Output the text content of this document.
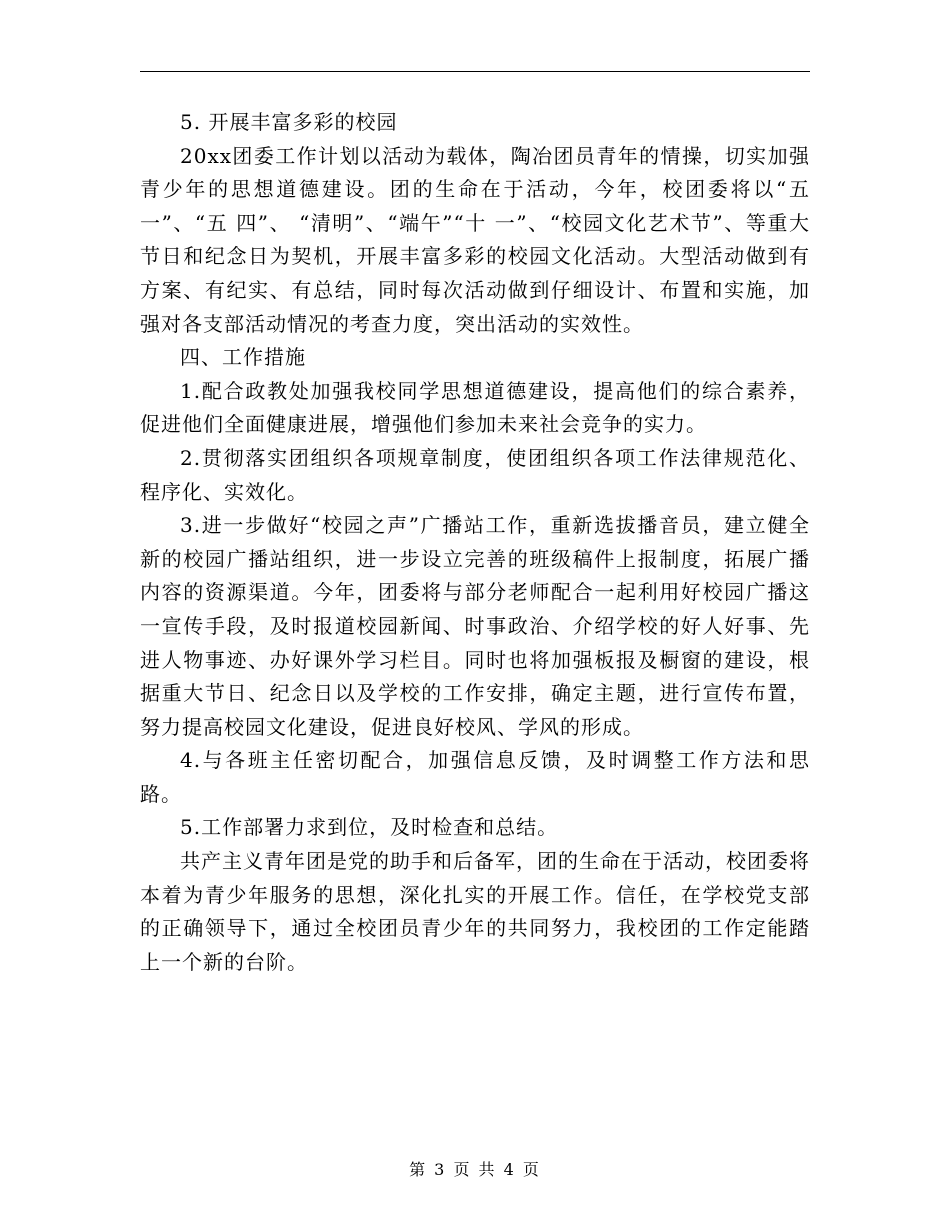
5. 开展丰富多彩的校园

20xx团委工作计划以活动为载体，陶冶团员青年的情操，切实加强青少年的思想道德建设。团的生命在于活动，今年，校团委将以“五 一”、“五 四”、 “清明”、“端午”“十 一”、“校园文化艺术节”、等重大节日和纪念日为契机，开展丰富多彩的校园文化活动。大型活动做到有方案、有纪实、有总结，同时每次活动做到仔细设计、布置和实施，加强对各支部活动情况的考查力度，突出活动的实效性。

四、工作措施

1.配合政教处加强我校同学思想道德建设，提高他们的综合素养，促进他们全面健康进展，增强他们参加未来社会竞争的实力。

2.贯彻落实团组织各项规章制度，使团组织各项工作法律规范化、程序化、实效化。

3.进一步做好“校园之声”广播站工作，重新选拔播音员，建立健全新的校园广播站组织，进一步设立完善的班级稿件上报制度，拓展广播内容的资源渠道。今年，团委将与部分老师配合一起利用好校园广播这一宣传手段，及时报道校园新闻、时事政治、介绍学校的好人好事、先进人物事迹、办好课外学习栏目。同时也将加强板报及橱窗的建设，根据重大节日、纪念日以及学校的工作安排，确定主题，进行宣传布置，努力提高校园文化建设，促进良好校风、学风的形成。

4.与各班主任密切配合，加强信息反馈，及时调整工作方法和思路。

5.工作部署力求到位，及时检查和总结。

共产主义青年团是党的助手和后备军，团的生命在于活动，校团委将本着为青少年服务的思想，深化扎实的开展工作。信任，在学校党支部的正确领导下，通过全校团员青少年的共同努力，我校团的工作定能踏上一个新的台阶。

第 3 页 共 4 页
